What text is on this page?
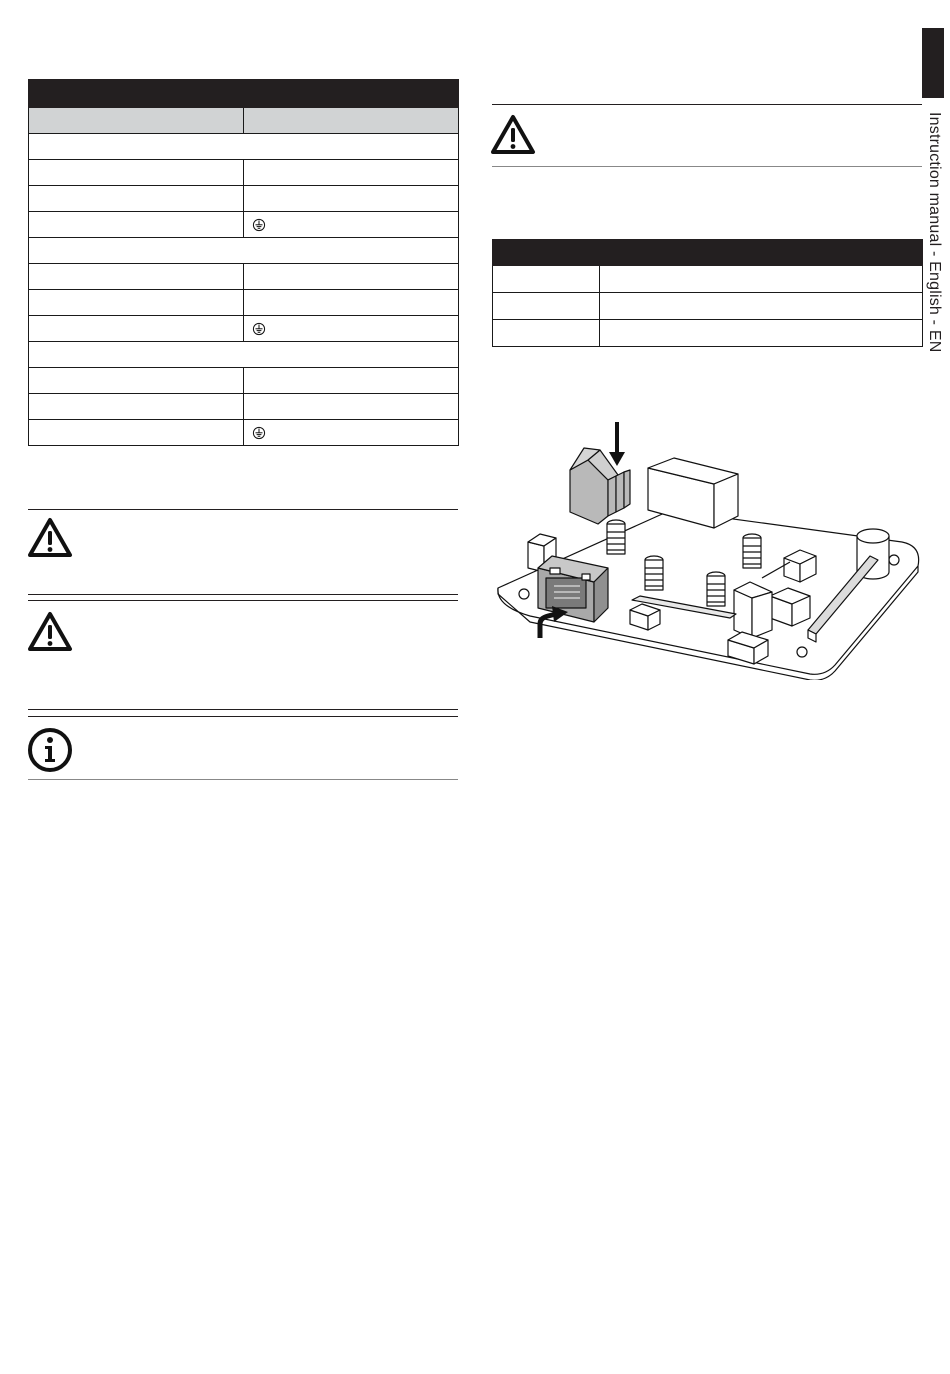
Instruction manual - English - EN
